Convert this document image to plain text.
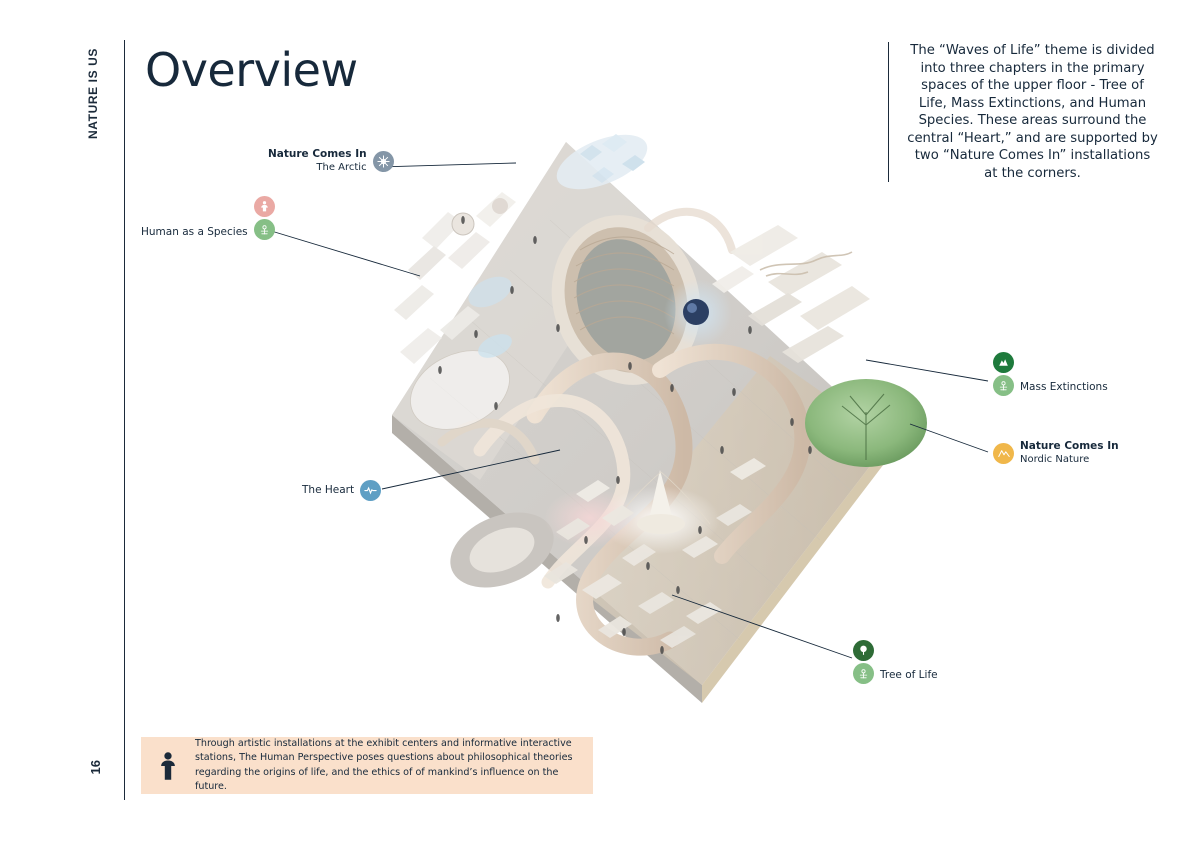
NATURE IS US
16
Overview	The “Waves of Life” theme is divided into three chapters in the primary spaces of the upper floor - Tree of Life, Mass Extinctions, and Human Species. These areas surround the central “Heart,” and are supported by two “Nature Comes In” installations at the corners.

Nature Comes In
The Arctic
Human as a Species
The Heart
Mass Extinctions
Nature Comes In
Nordic Nature
Tree of Life
Through artistic installations at the exhibit centers and informative interactive stations, The Human Perspective poses questions about philosophical theories regarding the origins of life, and the ethics of of mankind’s influence on the future.
